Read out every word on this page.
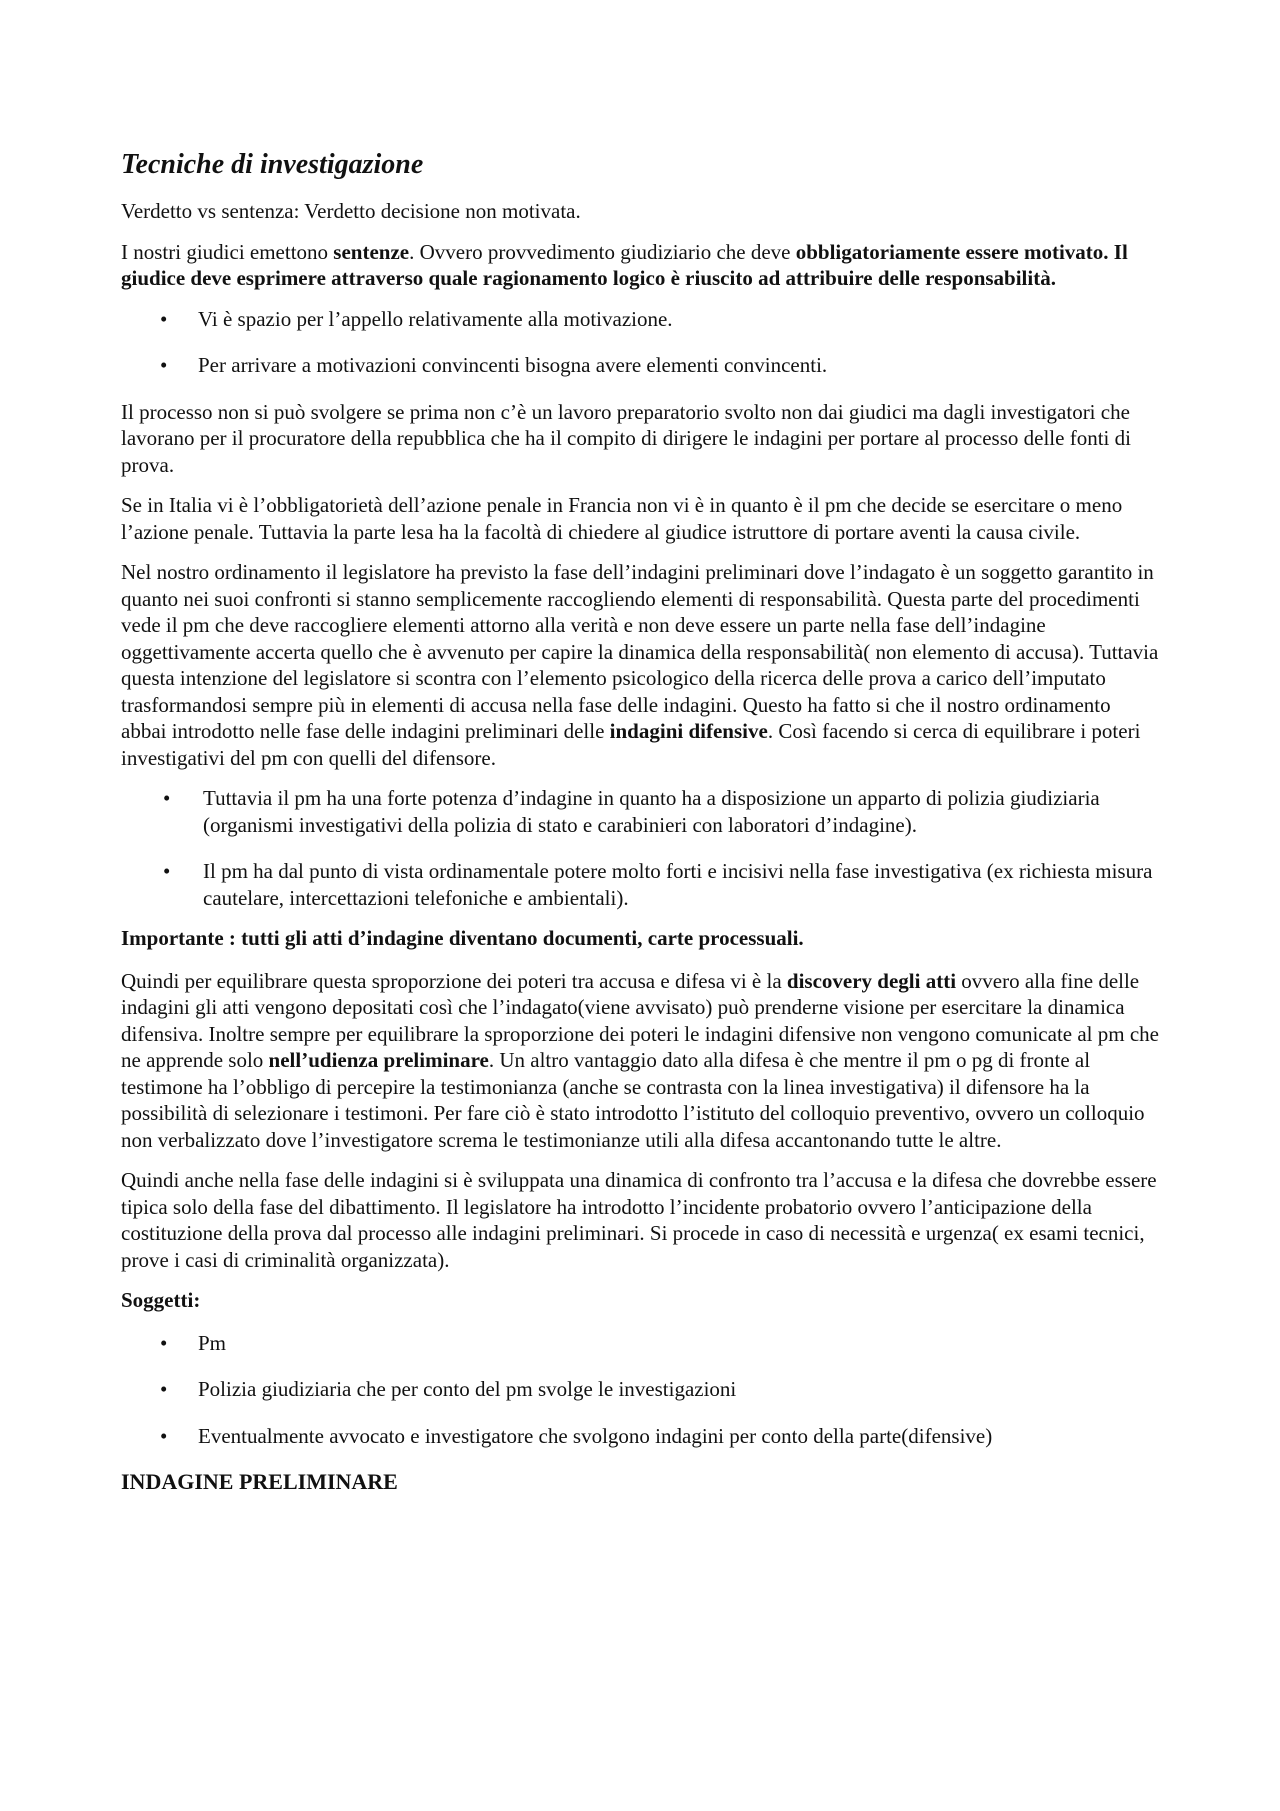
Tecniche di investigazione

Verdetto vs sentenza: Verdetto decisione non motivata.

I nostri giudici emettono sentenze. Ovvero provvedimento giudiziario che deve obbligatoriamente essere motivato. Il giudice deve esprimere attraverso quale ragionamento logico è riuscito ad attribuire delle responsabilità.

• Vi è spazio per l’appello relativamente alla motivazione.
• Per arrivare a motivazioni convincenti bisogna avere elementi convincenti.

Il processo non si può svolgere se prima non c’è un lavoro preparatorio svolto non dai giudici ma dagli investigatori che lavorano per il procuratore della repubblica che ha il compito di dirigere le indagini per portare al processo delle fonti di prova.

Se in Italia vi è l’obbligatorietà dell’azione penale in Francia non vi è in quanto è il pm che decide se esercitare o meno l’azione penale. Tuttavia la parte lesa ha la facoltà di chiedere al giudice istruttore di portare aventi la causa civile.

Nel nostro ordinamento il legislatore ha previsto la fase dell’indagini preliminari dove l’indagato è un soggetto garantito in quanto nei suoi confronti si stanno semplicemente raccogliendo elementi di responsabilità. Questa parte del procedimenti vede il pm che deve raccogliere elementi attorno alla verità e non deve essere un parte nella fase dell’indagine oggettivamente accerta quello che è avvenuto per capire la dinamica della responsabilità( non elemento di accusa). Tuttavia questa intenzione del legislatore si scontra con l’elemento psicologico della ricerca delle prova a carico dell’imputato trasformandosi sempre più in elementi di accusa nella fase delle indagini. Questo ha fatto si che il nostro ordinamento abbai introdotto nelle fase delle indagini preliminari delle indagini difensive. Così facendo si cerca di equilibrare i poteri investigativi del pm con quelli del difensore.

• Tuttavia il pm ha una forte potenza d’indagine in quanto ha a disposizione un apparto di polizia giudiziaria (organismi investigativi della polizia di stato e carabinieri con laboratori d’indagine).
• Il pm ha dal punto di vista ordinamentale potere molto forti e incisivi nella fase investigativa (ex richiesta misura cautelare, intercettazioni telefoniche e ambientali).

Importante : tutti gli atti d’indagine diventano documenti, carte processuali.

Quindi per equilibrare questa sproporzione dei poteri tra accusa e difesa vi è la discovery degli atti ovvero alla fine delle indagini gli atti vengono depositati così che l’indagato(viene avvisato) può prenderne visione per esercitare la dinamica difensiva. Inoltre sempre per equilibrare la sproporzione dei poteri le indagini difensive non vengono comunicate al pm che ne apprende solo nell’udienza preliminare. Un altro vantaggio dato alla difesa è che mentre il pm o pg di fronte al testimone ha l’obbligo di percepire la testimonianza (anche se contrasta con la linea investigativa) il difensore ha la possibilità di selezionare i testimoni. Per fare ciò è stato introdotto l’istituto del colloquio preventivo, ovvero un colloquio non verbalizzato dove l’investigatore screma le testimonianze utili alla difesa accantonando tutte le altre.

Quindi anche nella fase delle indagini si è sviluppata una dinamica di confronto tra l’accusa e la difesa che dovrebbe essere tipica solo della fase del dibattimento. Il legislatore ha introdotto l’incidente probatorio ovvero l’anticipazione della costituzione della prova dal processo alle indagini preliminari. Si procede in caso di necessità e urgenza( ex esami tecnici, prove i casi di criminalità organizzata).

Soggetti:

• Pm
• Polizia giudiziaria che per conto del pm svolge le investigazioni
• Eventualmente avvocato e investigatore che svolgono indagini per conto della parte(difensive)
INDAGINE PRELIMINARE
